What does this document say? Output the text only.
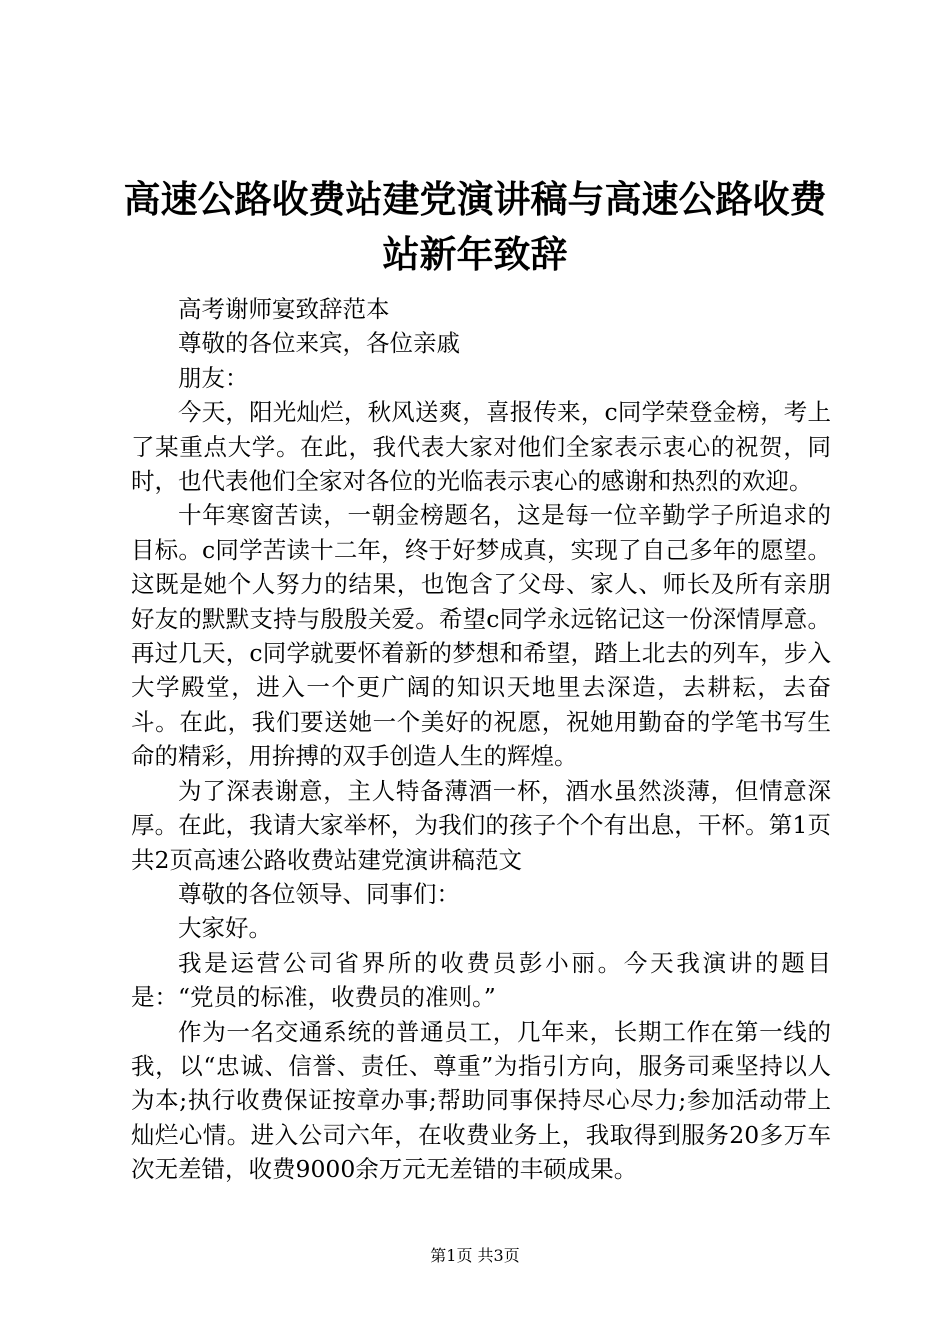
高速公路收费站建党演讲稿与高速公路收费站新年致辞

高考谢师宴致辞范本

尊敬的各位来宾，各位亲戚

朋友：

今天，阳光灿烂，秋风送爽，喜报传来，c同学荣登金榜，考上了某重点大学。在此，我代表大家对他们全家表示衷心的祝贺，同时，也代表他们全家对各位的光临表示衷心的感谢和热烈的欢迎。

十年寒窗苦读，一朝金榜题名，这是每一位辛勤学子所追求的目标。c同学苦读十二年，终于好梦成真，实现了自己多年的愿望。这既是她个人努力的结果，也饱含了父母、家人、师长及所有亲朋好友的默默支持与殷殷关爱。希望c同学永远铭记这一份深情厚意。再过几天，c同学就要怀着新的梦想和希望，踏上北去的列车，步入大学殿堂，进入一个更广阔的知识天地里去深造，去耕耘，去奋斗。在此，我们要送她一个美好的祝愿，祝她用勤奋的学笔书写生命的精彩，用拚搏的双手创造人生的辉煌。

为了深表谢意，主人特备薄酒一杯，酒水虽然淡薄，但情意深厚。在此，我请大家举杯，为我们的孩子个个有出息，干杯。第1页共2页高速公路收费站建党演讲稿范文

尊敬的各位领导、同事们：

大家好。

我是运营公司省界所的收费员彭小丽。今天我演讲的题目是：“党员的标准，收费员的准则。”

作为一名交通系统的普通员工，几年来，长期工作在第一线的我，以“忠诚、信誉、责任、尊重”为指引方向，服务司乘坚持以人为本;执行收费保证按章办事;帮助同事保持尽心尽力;参加活动带上灿烂心情。进入公司六年，在收费业务上，我取得到服务20多万车次无差错，收费9000余万元无差错的丰硕成果。

第1页 共3页
